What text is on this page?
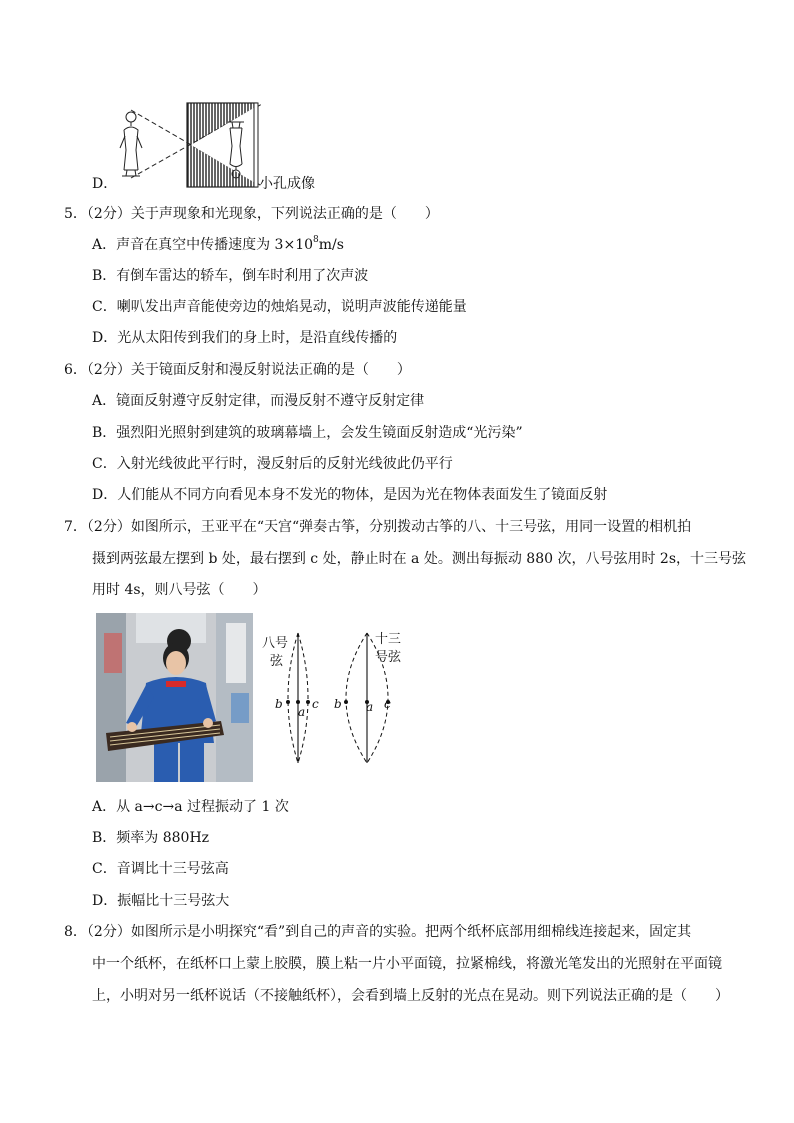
D．	小孔成像
5．（2分）关于声现象和光现象，下列说法正确的是（　　）
A．声音在真空中传播速度为 $3\times 10^8m/s$
B．有倒车雷达的轿车，倒车时利用了次声波
C．喇叭发出声音能使旁边的烛焰晃动，说明声波能传递能量
D．光从太阳传到我们的身上时，是沿直线传播的
6．（2分）关于镜面反射和漫反射说法正确的是（　　）
A．镜面反射遵守反射定律，而漫反射不遵守反射定律
B．强烈阳光照射到建筑的玻璃幕墙上，会发生镜面反射造成“光污染”
C．入射光线彼此平行时，漫反射后的反射光线彼此仍平行
D．人们能从不同方向看见本身不发光的物体，是因为光在物体表面发生了镜面反射
7．（2分）如图所示，王亚平在“天宫“弹奏古筝，分别拨动古筝的八、十三号弦，用同一设置的相机拍
摄到两弦最左摆到 b 处，最右摆到 c 处，静止时在 a 处。测出每振动 880 次，八号弦用时 2s，十三号弦
用时 4s，则八号弦（　　）
八号
弦
十三
号弦
b
a
c b a c
A．从 a→c→a 过程振动了 1 次
B．频率为 880Hz
C．音调比十三号弦高
D．振幅比十三号弦大
8．（2分）如图所示是小明探究“看”到自己的声音的实验。把两个纸杯底部用细棉线连接起来，固定其
中一个纸杯，在纸杯口上蒙上胶膜，膜上粘一片小平面镜，拉紧棉线，将激光笔发出的光照射在平面镜
上，小明对另一纸杯说话（不接触纸杯），会看到墙上反射的光点在晃动。则下列说法正确的是（　　）
